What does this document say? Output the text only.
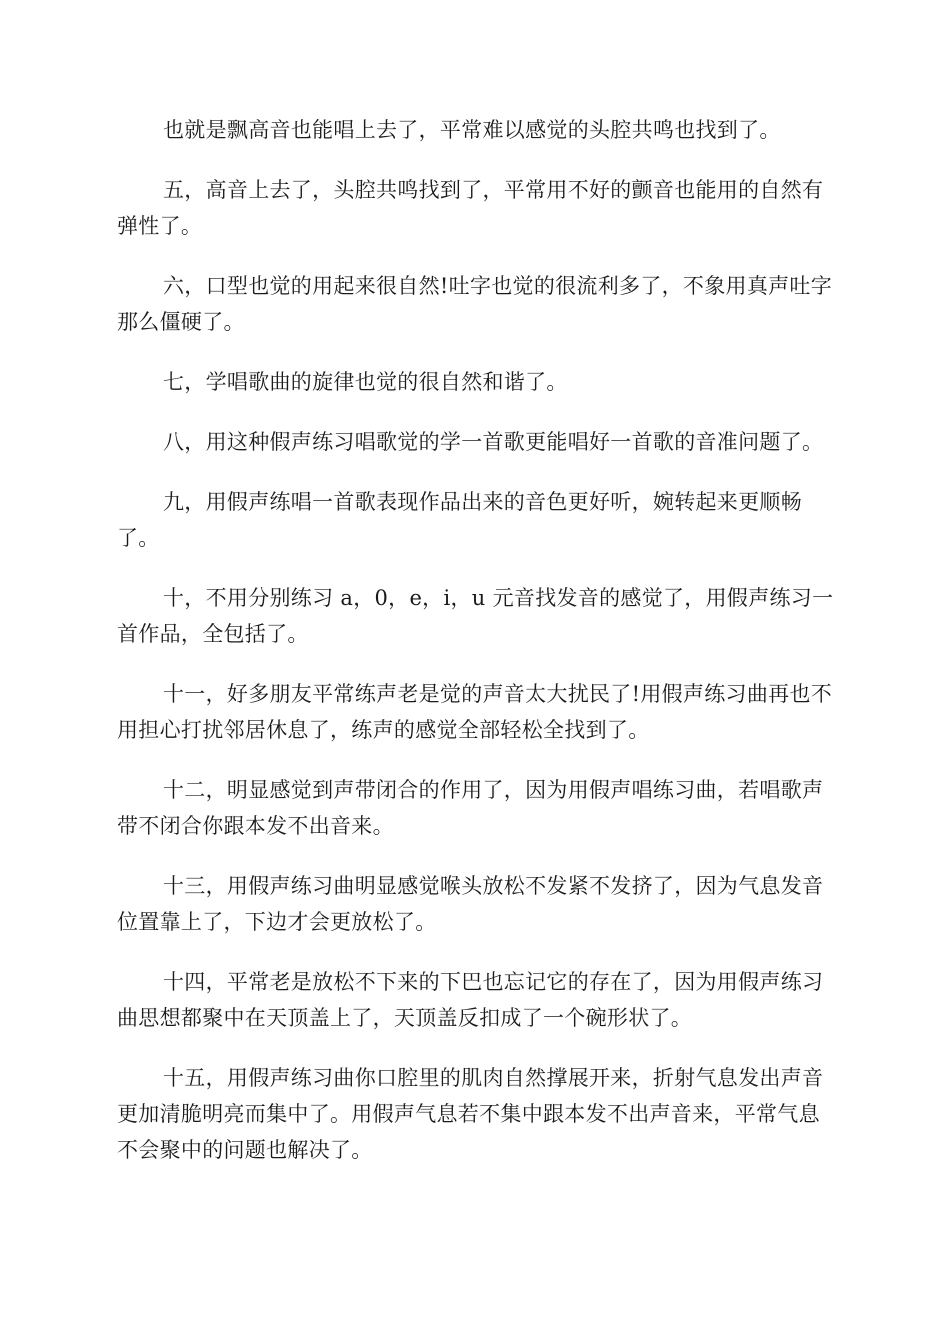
也就是飘高音也能唱上去了，平常难以感觉的头腔共鸣也找到了。

五，高音上去了，头腔共鸣找到了，平常用不好的颤音也能用的自然有弹性了。

六，口型也觉的用起来很自然!吐字也觉的很流利多了，不象用真声吐字那么僵硬了。

七，学唱歌曲的旋律也觉的很自然和谐了。

八，用这种假声练习唱歌觉的学一首歌更能唱好一首歌的音准问题了。

九，用假声练唱一首歌表现作品出来的音色更好听，婉转起来更顺畅了。

十，不用分别练习 a，0，e，i，u 元音找发音的感觉了，用假声练习一首作品，全包括了。

十一，好多朋友平常练声老是觉的声音太大扰民了!用假声练习曲再也不用担心打扰邻居休息了，练声的感觉全部轻松全找到了。

十二，明显感觉到声带闭合的作用了，因为用假声唱练习曲，若唱歌声带不闭合你跟本发不出音来。

十三，用假声练习曲明显感觉喉头放松不发紧不发挤了，因为气息发音位置靠上了，下边才会更放松了。

十四，平常老是放松不下来的下巴也忘记它的存在了，因为用假声练习曲思想都聚中在天顶盖上了，天顶盖反扣成了一个碗形状了。

十五，用假声练习曲你口腔里的肌肉自然撑展开来，折射气息发出声音更加清脆明亮而集中了。用假声气息若不集中跟本发不出声音来，平常气息不会聚中的问题也解决了。
